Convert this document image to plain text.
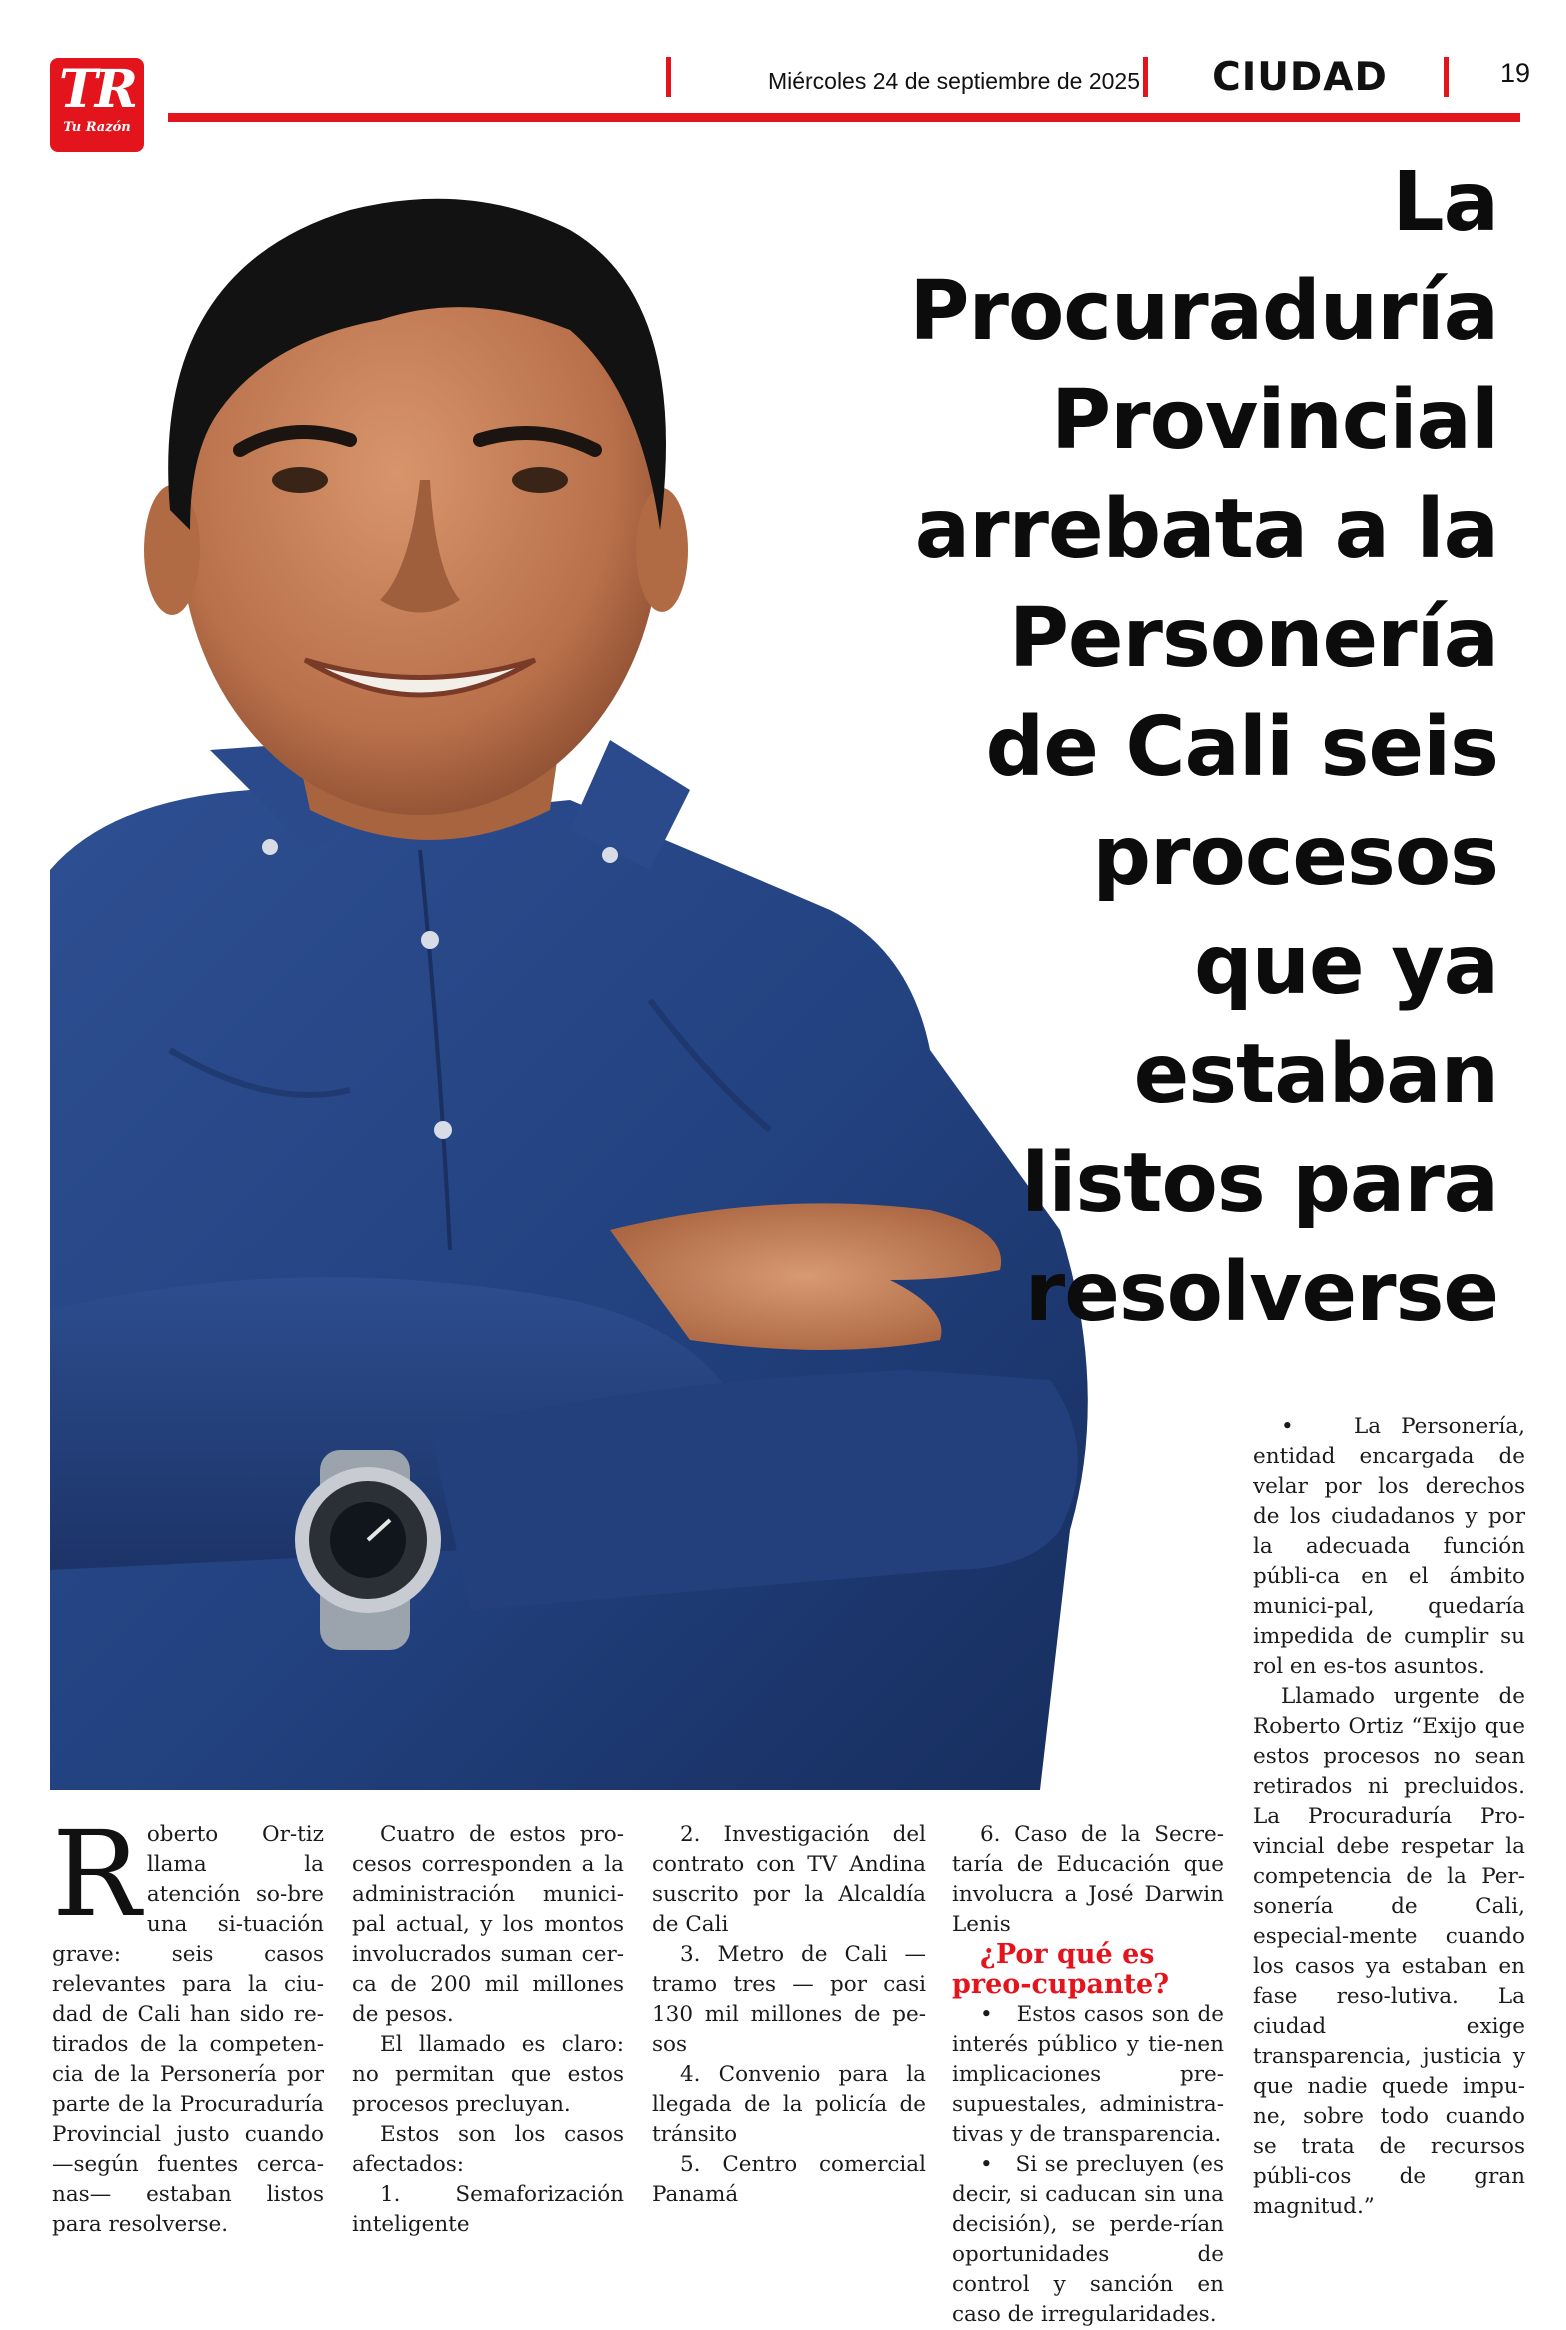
TR
Tu Razón
Miércoles 24 de septiembre de 2025	CIUDAD	19
La
Procuraduría
Provincial
arrebata a la
Personería
de Cali seis
procesos
que ya
estaban
listos para
resolverse
R oberto Or-tiz llama la atención so-bre una si-tuación grave: seis casos relevantes para la ciu-dad de Cali han sido re-tirados de la competen-cia de la Personería por parte de la Procuraduría Provincial justo cuando —según fuentes cerca-nas— estaban listos para resolverse.

Cuatro de estos pro-cesos corresponden a la administración munici-pal actual, y los montos involucrados suman cer-ca de 200 mil millones de pesos.

El llamado es claro: no permitan que estos procesos precluyan.

Estos son los casos afectados:

1. Semaforización inteligente

2. Investigación del contrato con TV Andina suscrito por la Alcaldía de Cali

3. Metro de Cali — tramo tres — por casi 130 mil millones de pe-sos

4. Convenio para la llegada de la policía de tránsito

5. Centro comercial Panamá

6. Caso de la Secre-taría de Educación que involucra a José Darwin Lenis

¿Por qué es preo-cupante?

•   Estos casos son de interés público y tie-nen implicaciones pre-supuestales, administra-tivas y de transparencia.

•   Si se precluyen (es decir, si caducan sin una decisión), se perde-rían oportunidades de control y sanción en caso de irregularidades.

•   La Personería, entidad encargada de velar por los derechos de los ciudadanos y por la adecuada función públi-ca en el ámbito munici-pal, quedaría impedida de cumplir su rol en es-tos asuntos.

Llamado urgente de Roberto Ortiz “Exijo que estos procesos no sean retirados ni precluidos. La Procuraduría Pro-vincial debe respetar la competencia de la Per-sonería de Cali, especial-mente cuando los casos ya estaban en fase reso-lutiva. La ciudad exige transparencia, justicia y que nadie quede impu-ne, sobre todo cuando se trata de recursos públi-cos de gran magnitud.”
